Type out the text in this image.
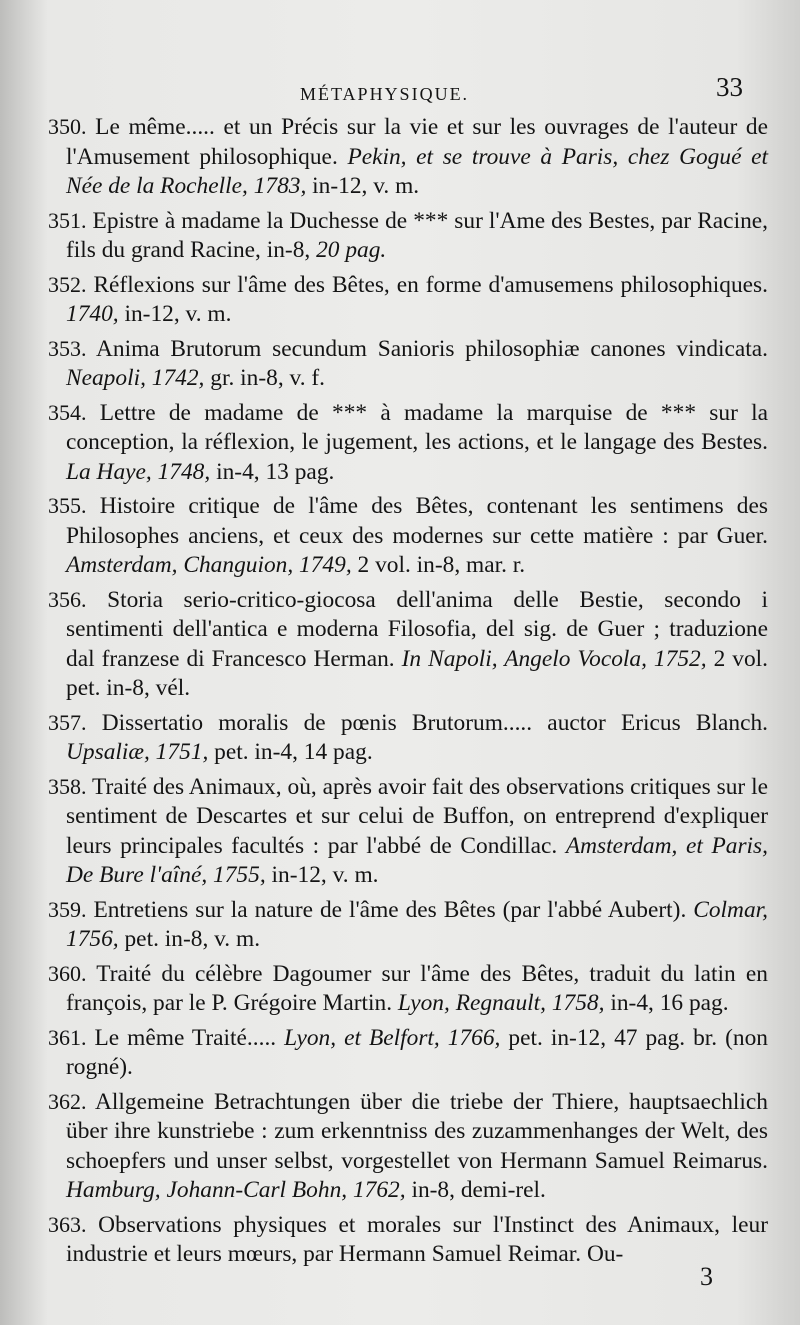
MÉTAPHYSIQUE.	33

350. Le même..... et un Précis sur la vie et sur les ouvrages de l'auteur de l'Amusement philosophique. Pekin, et se trouve à Paris, chez Gogué et Née de la Rochelle, 1783, in-12, v. m.

351. Epistre à madame la Duchesse de *** sur l'Ame des Bestes, par Racine, fils du grand Racine, in-8, 20 pag.

352. Réflexions sur l'âme des Bêtes, en forme d'amusemens philosophiques. 1740, in-12, v. m.

353. Anima Brutorum secundum Sanioris philosophiæ canones vindicata. Neapoli, 1742, gr. in-8, v. f.

354. Lettre de madame de *** à madame la marquise de *** sur la conception, la réflexion, le jugement, les actions, et le langage des Bestes. La Haye, 1748, in-4, 13 pag.

355. Histoire critique de l'âme des Bêtes, contenant les sentimens des Philosophes anciens, et ceux des modernes sur cette matière : par Guer. Amsterdam, Changuion, 1749, 2 vol. in-8, mar. r.

356. Storia serio-critico-giocosa dell'anima delle Bestie, secondo i sentimenti dell'antica e moderna Filosofia, del sig. de Guer ; traduzione dal franzese di Francesco Herman. In Napoli, Angelo Vocola, 1752, 2 vol. pet. in-8, vél.

357. Dissertatio moralis de pœnis Brutorum..... auctor Ericus Blanch. Upsaliæ, 1751, pet. in-4, 14 pag.

358. Traité des Animaux, où, après avoir fait des observations critiques sur le sentiment de Descartes et sur celui de Buffon, on entreprend d'expliquer leurs principales facultés : par l'abbé de Condillac. Amsterdam, et Paris, De Bure l'aîné, 1755, in-12, v. m.

359. Entretiens sur la nature de l'âme des Bêtes (par l'abbé Aubert). Colmar, 1756, pet. in-8, v. m.

360. Traité du célèbre Dagoumer sur l'âme des Bêtes, traduit du latin en françois, par le P. Grégoire Martin. Lyon, Regnault, 1758, in-4, 16 pag.

361. Le même Traité..... Lyon, et Belfort, 1766, pet. in-12, 47 pag. br. (non rogné).

362. Allgemeine Betrachtungen über die triebe der Thiere, hauptsaechlich über ihre kunstriebe : zum erkenntniss des zuzammenhanges der Welt, des schoepfers und unser selbst, vorgestellet von Hermann Samuel Reimarus. Hamburg, Johann-Carl Bohn, 1762, in-8, demi-rel.

363. Observations physiques et morales sur l'Instinct des Animaux, leur industrie et leurs mœurs, par Hermann Samuel Reimar. Ou-

3
